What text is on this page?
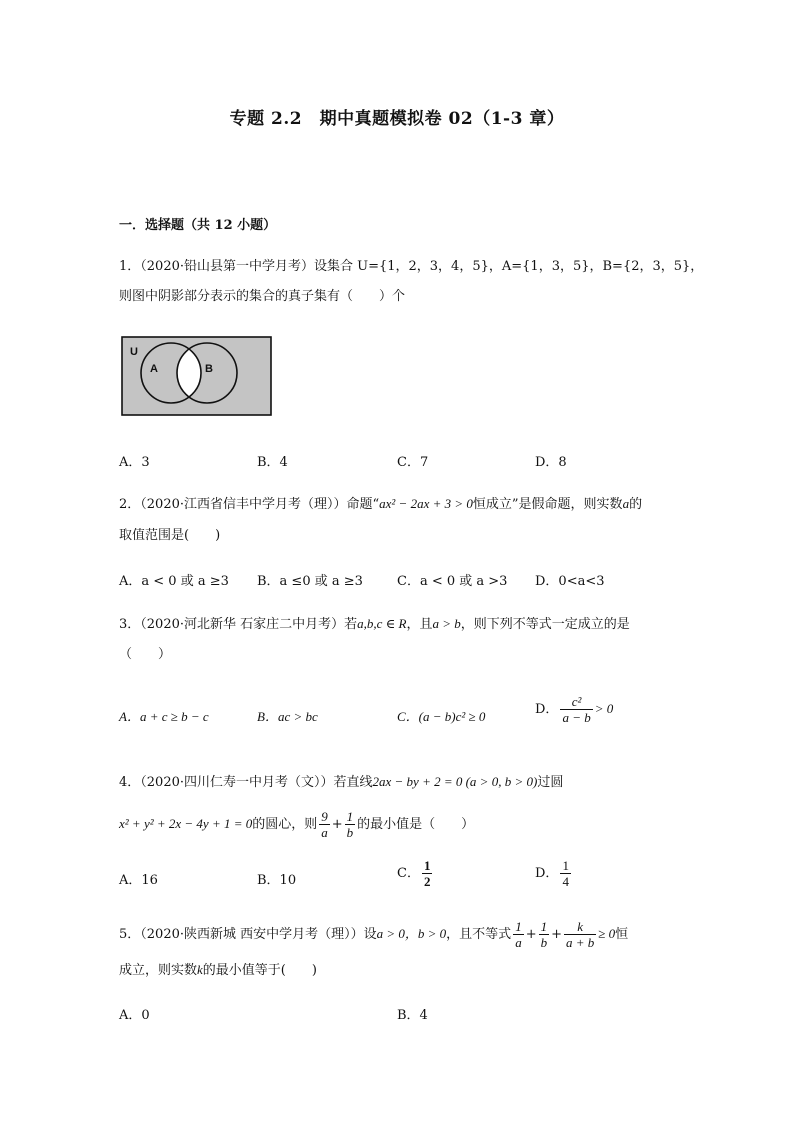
专题 2.2　期中真题模拟卷 02（1-3 章）
一．选择题（共 12 小题）
1．（2020·铅山县第一中学月考）设集合 U={1，2，3，4，5}，A={1，3，5}，B={2，3，5}，
则图中阴影部分表示的集合的真子集有（　　）个
U
A	B
A．3	B．4	C．7	D．8
2．（2020·江西省信丰中学月考（理））命题“ax² − 2ax + 3 > 0恒成立”是假命题，则实数a的
取值范围是(　　)
A．a < 0 或 a ≥3 B．a ≤0 或 a ≥3	C．a < 0 或 a >3 D．0<a<3
3．（2020·河北新华 石家庄二中月考）若a,b,c ∈ R，且a > b，则下列不等式一定成立的是
（　　）
A．a + c ≥ b − c	B．ac > bc	C．(a − b)c² ≥ 0	D． $\frac{\text{c²}}{a - b} > 0$
4．（2020·四川仁寿一中月考（文））若直线2ax − by + 2 = 0 (a > 0, b > 0)过圆
x² + y² + 2x − 4y + 1 = 0的圆心，则 $\frac{9}{a} + \frac{1}{b}$ 的最小值是（　　）
A．16	B．10	C． $\frac{1}{2}$	D． $\frac{1}{4}$
5．（2020·陕西新城 西安中学月考（理））设a > 0，b > 0，且不等式 $\frac{1}{a} + \frac{1}{b} + \frac{k}{a + b} \ge 0$恒
成立，则实数k的最小值等于(　　)
A．0	B．4
